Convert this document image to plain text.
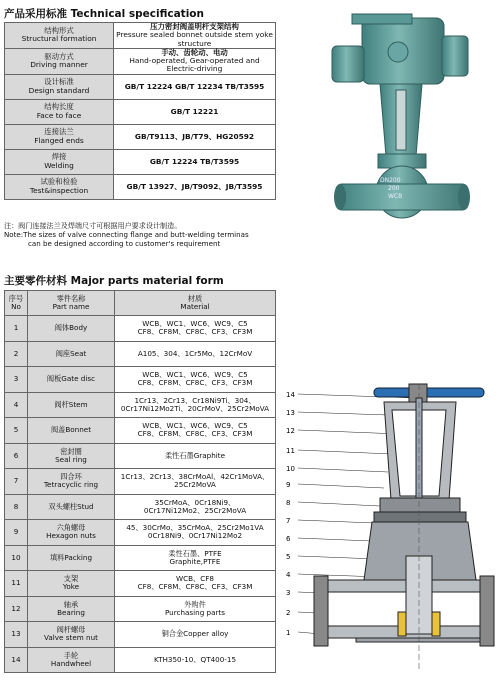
产品采用标准 Technical specification
结构形式
Structural formation	压力密封阀盖明杆支架结构
Pressure sealed bonnet outside stem yoke structure

驱动方式
Driving manner	手动、齿轮动、电动
Hand-operated, Gear-operated and Electric-driving

设计标准
Design standard	GB/T 12224 GB/T 12234 TB/T3595

结构长度
Face to face	GB/T 12221

连接法兰
Flanged ends	GB/T9113、JB/T79、HG20592

焊接
Welding	GB/T 12224 TB/T3595

试验和检验
Test&inspection	GB/T 13927、JB/T9092、JB/T3595
注：阀门连接法兰及焊端尺寸可根据用户要求设计制造。
Note:The sizes of valve connecting flange and butt-welding terminas
can be designed according to customer's requirement
DN200
200
WCB
主要零件材料 Major parts material form
序号
No	零件名称
Part name	材质
Material

1	阀体Body	WCB、WC1、WC6、WC9、C5
CF8、CF8M、CF8C、CF3、CF3M

2	阀座Seat	A105、304、1Cr5Mo、12CrMoV

3	阀板Gate disc	WCB、WC1、WC6、WC9、C5
CF8、CF8M、CF8C、CF3、CF3M

4	阀杆Stem	1Cr13、2Cr13、Cr18Ni9Ti、304、
0Cr17Ni12Mo2Ti、20CrMoV、25Cr2MoVA

5	阀盖Bonnet	WCB、WC1、WC6、WC9、C5
CF8、CF8M、CF8C、CF3、CF3M

6	密封圈
Seal ring	柔性石墨Graphite

7	四合环
Tetracyclic ring	1Cr13、2Cr13、38CrMoAl、42Cr1MoVA、25Cr2MoVA

8	双头螺柱Stud	35CrMoA、0Cr18Ni9、
0Cr17Ni12Mo2、25Cr2MoVA

9	六角螺母
Hexagon nuts	45、30CrMo、35CrMoA、25Cr2Mo1VA
0Cr18Ni9、0Cr17Ni12Mo2

10	填料Packing	柔性石墨、PTFE
Graphite,PTFE

11	支架
Yoke	WCB、CF8
CF8、CF8M、CF8C、CF3、CF3M

12	轴承
Bearing	外购件
Purchasing parts

13	阀杆螺母
Valve stem nut	铜合金Copper alloy

14	手轮
Handwheel	KTH350-10、QT400-15
14
13
12
11
10
9
8
7
6
5
4
3
2
1
